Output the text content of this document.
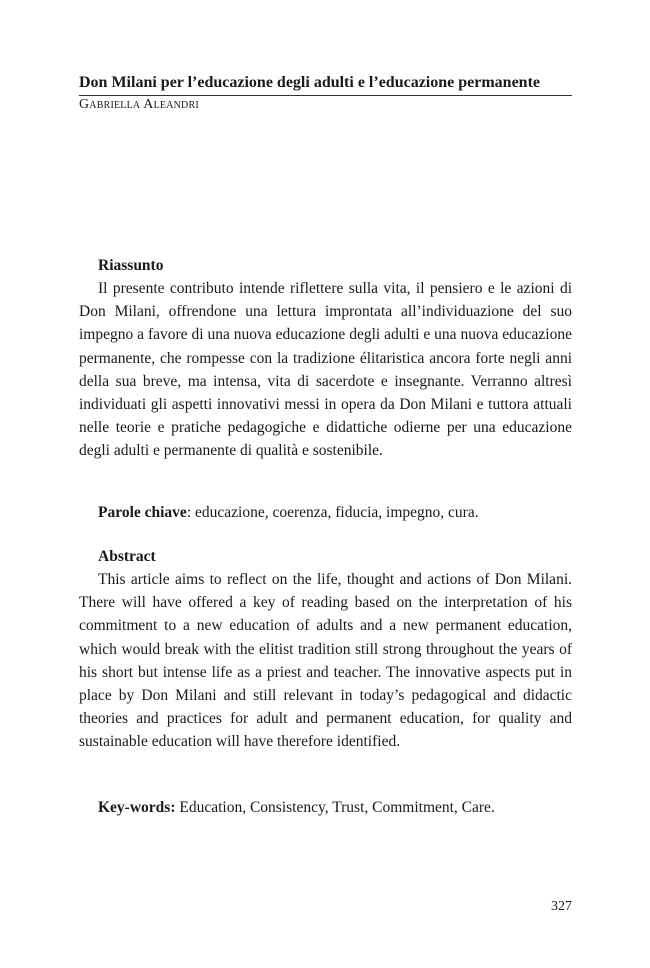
Don Milani per l’educazione degli adulti e l’educazione permanente
Gabriella Aleandri
Riassunto

Il presente contributo intende riflettere sulla vita, il pensiero e le azioni di Don Milani, offrendone una lettura improntata all’individuazione del suo impegno a favore di una nuova educazione degli adulti e una nuova educazione permanente, che rompesse con la tradizione élitaristica ancora forte negli anni della sua breve, ma intensa, vita di sacerdote e insegnante. Verranno altresì individuati gli aspetti innovativi messi in opera da Don Milani e tuttora attuali nelle teorie e pratiche pedagogiche e didattiche odierne per una educazione degli adulti e permanente di qualità e sostenibile.

Parole chiave: educazione, coerenza, fiducia, impegno, cura.

Abstract

This article aims to reflect on the life, thought and actions of Don Milani. There will have offered a key of reading based on the interpretation of his commitment to a new education of adults and a new permanent education, which would break with the elitist tradition still strong throughout the years of his short but intense life as a priest and teacher. The innovative aspects put in place by Don Milani and still relevant in today’s pedagogical and didactic theories and practices for adult and permanent education, for quality and sustainable education will have therefore identified.

Key-words: Education, Consistency, Trust, Commitment, Care.

327
